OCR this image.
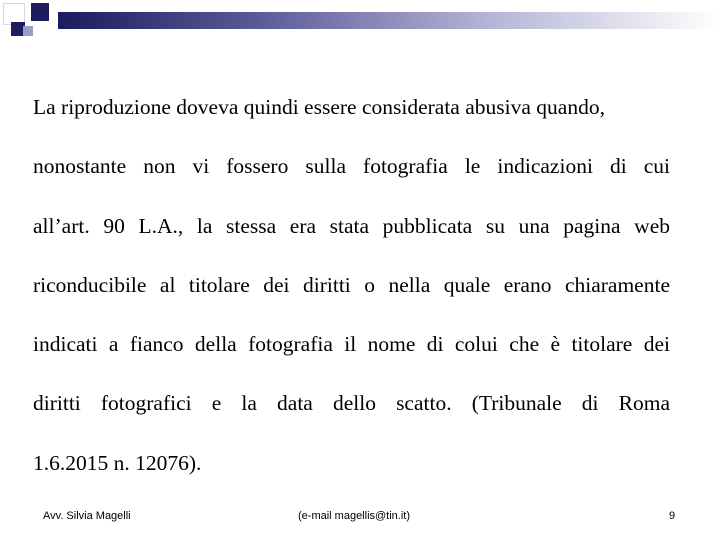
La riproduzione doveva quindi essere considerata abusiva quando,
nonostante non vi fossero sulla fotografia le indicazioni di cui
all’art. 90 L.A., la stessa era stata pubblicata su una pagina web
riconducibile al titolare dei diritti o nella quale erano chiaramente
indicati a fianco della fotografia il nome di colui che è titolare dei
diritti fotografici e la data dello scatto. (Tribunale di Roma
1.6.2015 n. 12076).
Avv. Silvia Magelli	(e-mail magellis@tin.it)	9
